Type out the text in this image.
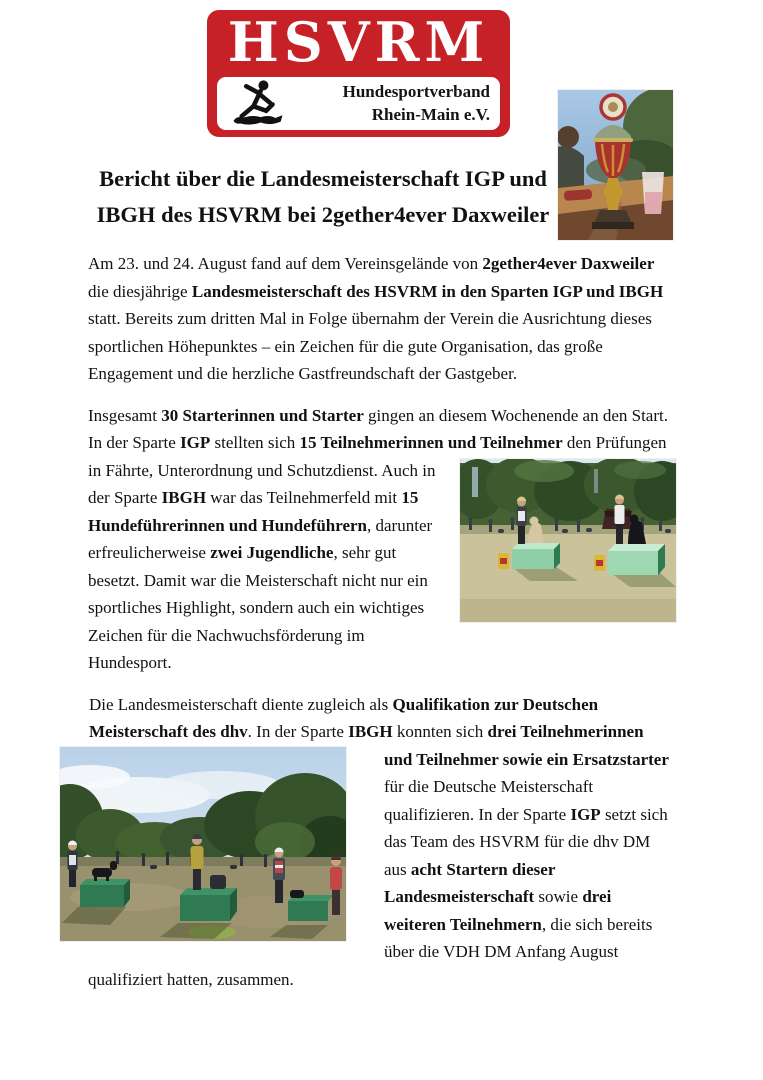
HSVRM
Hundesportverband
Rhein-Main e.V.
Bericht über die Landesmeisterschaft IGP und IBGH des HSVRM bei 2gether4ever Daxweiler

Am 23. und 24. August fand auf dem Vereinsgelände von 2gether4ever Daxweiler die diesjährige Landesmeisterschaft des HSVRM in den Sparten IGP und IBGH statt. Bereits zum dritten Mal in Folge übernahm der Verein die Ausrichtung dieses sportlichen Höhepunktes – ein Zeichen für die gute Organisation, das große Engagement und die herzliche Gastfreundschaft der Gastgeber.

Insgesamt 30 Starterinnen und Starter gingen an diesem Wochenende an den Start. In der Sparte IGP stellten sich 15 Teilnehmerinnen und Teilnehmer den Prüfungen in Fährte, Unterordnung und Schutzdienst. Auch in der Sparte IBGH war das Teilnehmerfeld mit 15 Hundeführerinnen und Hundeführern, darunter erfreulicherweise zwei Jugendliche, sehr gut besetzt. Damit war die Meisterschaft nicht nur ein sportliches Highlight, sondern auch ein wichtiges Zeichen für die Nachwuchsförderung im Hundesport.

Die Landesmeisterschaft diente zugleich als Qualifikation zur Deutschen Meisterschaft des dhv. In der Sparte IBGH konnten sich drei Teilnehmerinnen und Teilnehmer sowie ein Ersatzstarter für die Deutsche Meisterschaft qualifizieren. In der Sparte IGP setzt sich das Team des HSVRM für die dhv DM aus acht Startern dieser Landesmeisterschaft sowie drei weiteren Teilnehmern, die sich bereits über die VDH DM Anfang August qualifiziert hatten, zusammen.
